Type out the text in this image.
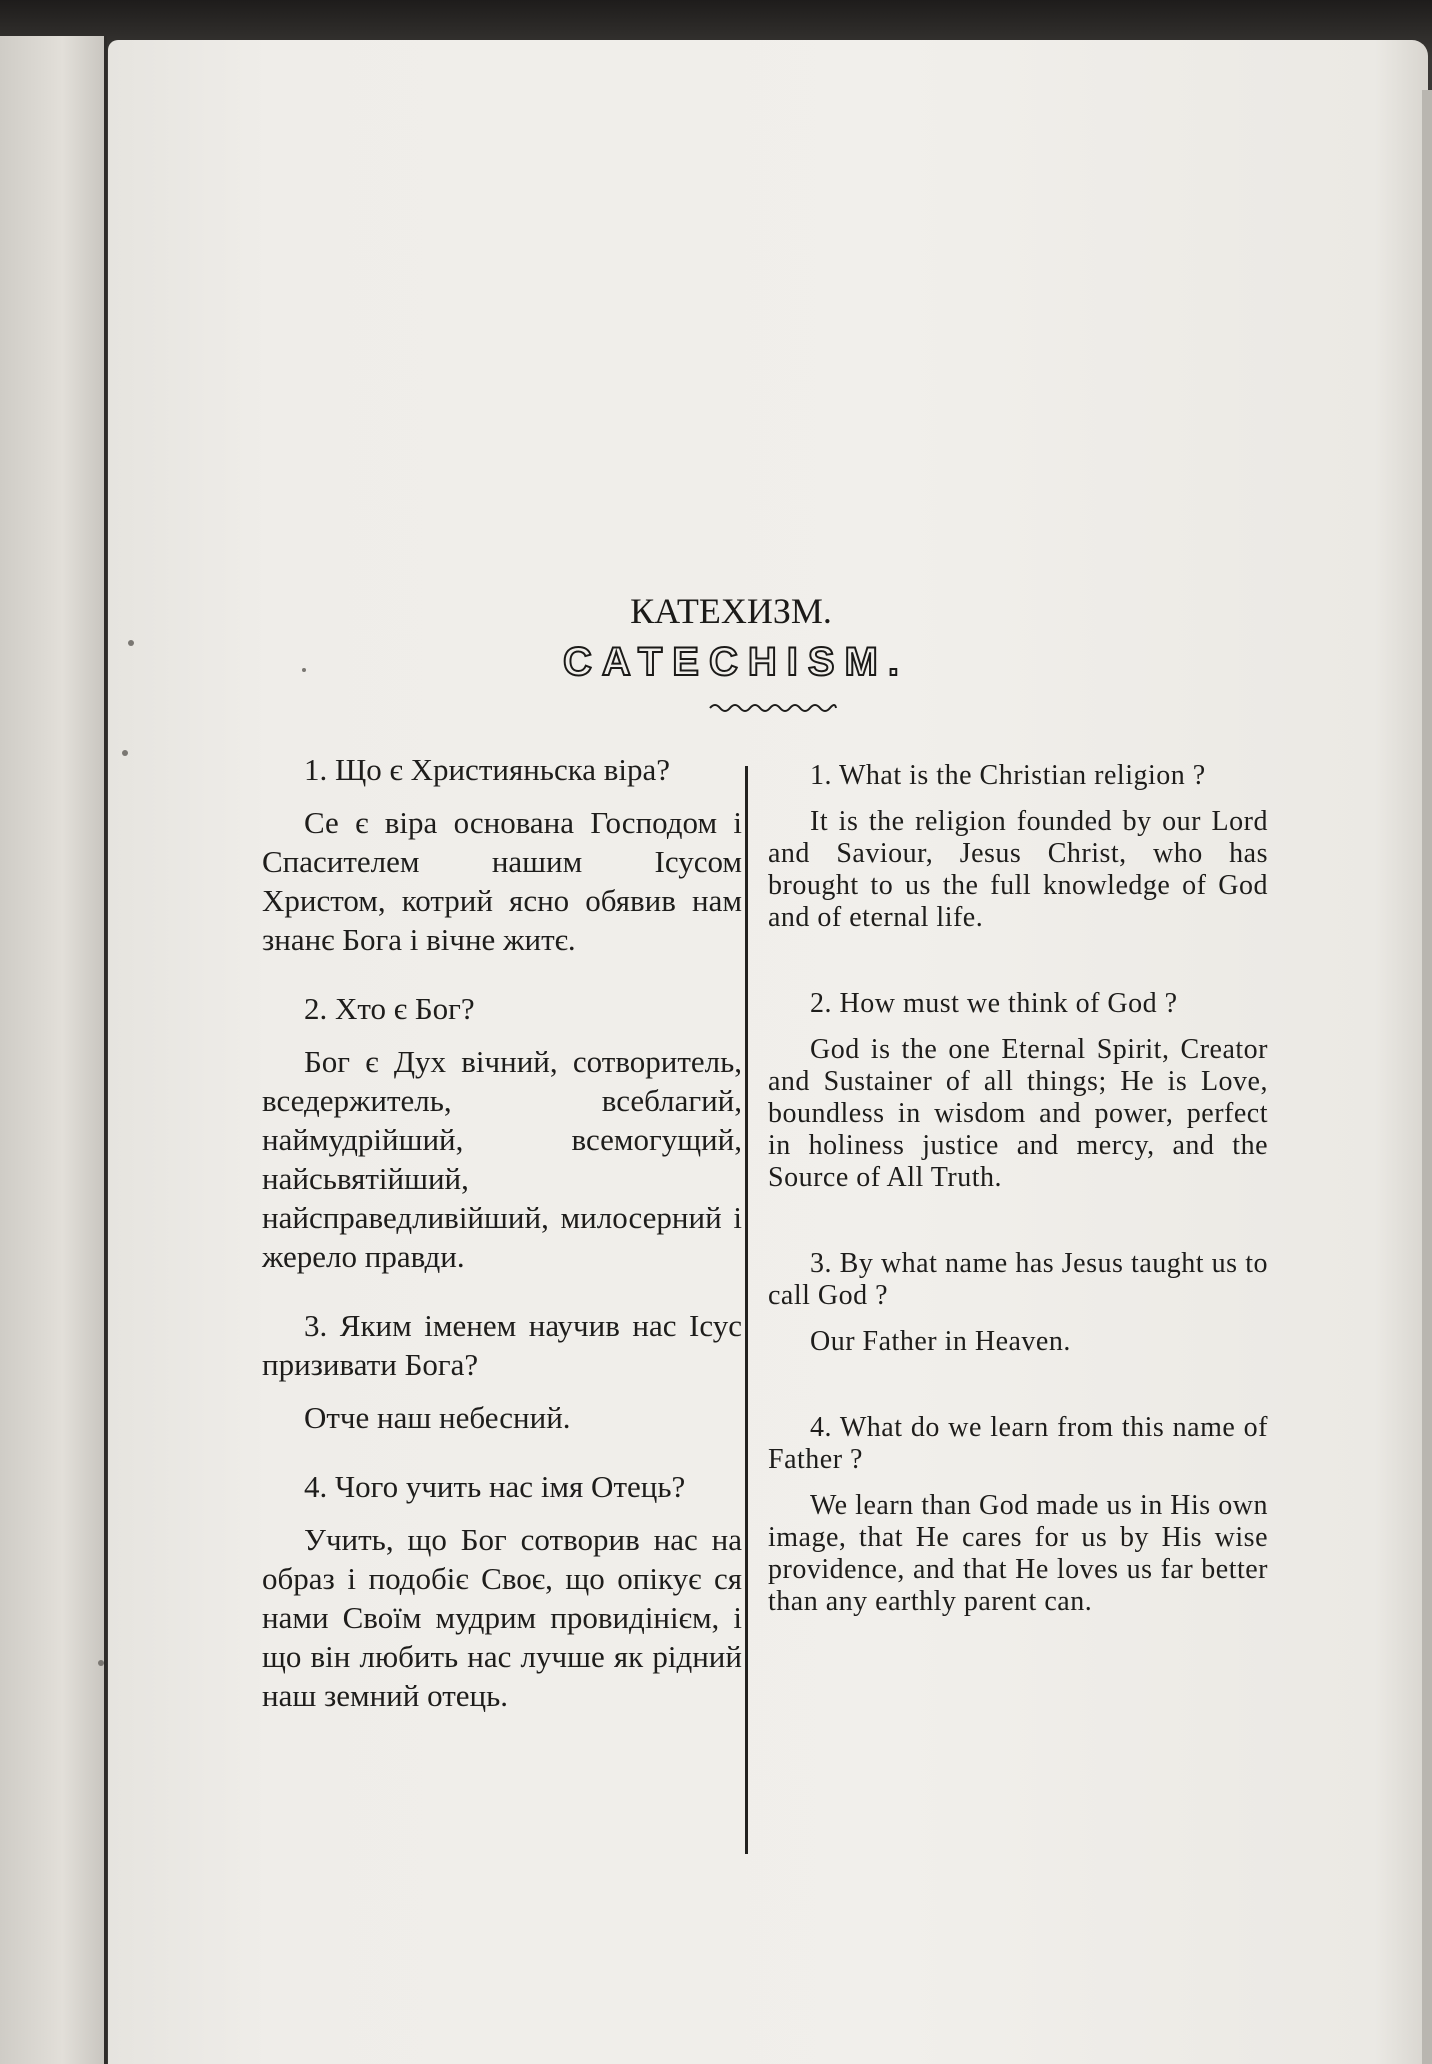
КАТЕХИЗМ.
CATECHISM.

1. Що є Християньска віра?

Се є віра основана Господом і Спасителем нашим Ісусом Христом, котрий ясно обявив нам знанє Бога і вічне житє.

2. Хто є Бог?

Бог є Дух вічний, сотворитель, вседержитель, всеблагий, наймудрійший, всемогущий, найсьвятійший, найсправедливійший, милосерний і жерело правди.

3. Яким іменем научив нас Ісус призивати Бога?

Отче наш небесний.

4. Чого учить нас імя Отець?

Учить, що Бог сотворив нас на образ і подобіє Своє, що опікує ся нами Своїм мудрим провидінієм, і що він любить нас лучше як рідний наш земний отець.

1. What is the Christian religion ?

It is the religion founded by our Lord and Saviour, Jesus Christ, who has brought to us the full knowledge of God and of eternal life.

2. How must we think of God ?

God is the one Eternal Spirit, Creator and Sustainer of all things; He is Love, boundless in wisdom and power, perfect in holiness justice and mercy, and the Source of All Truth.

3. By what name has Jesus taught us to call God ?

Our Father in Heaven.

4. What do we learn from this name of Father ?

We learn than God made us in His own image, that He cares for us by His wise providence, and that He loves us far better than any earthly parent can.
